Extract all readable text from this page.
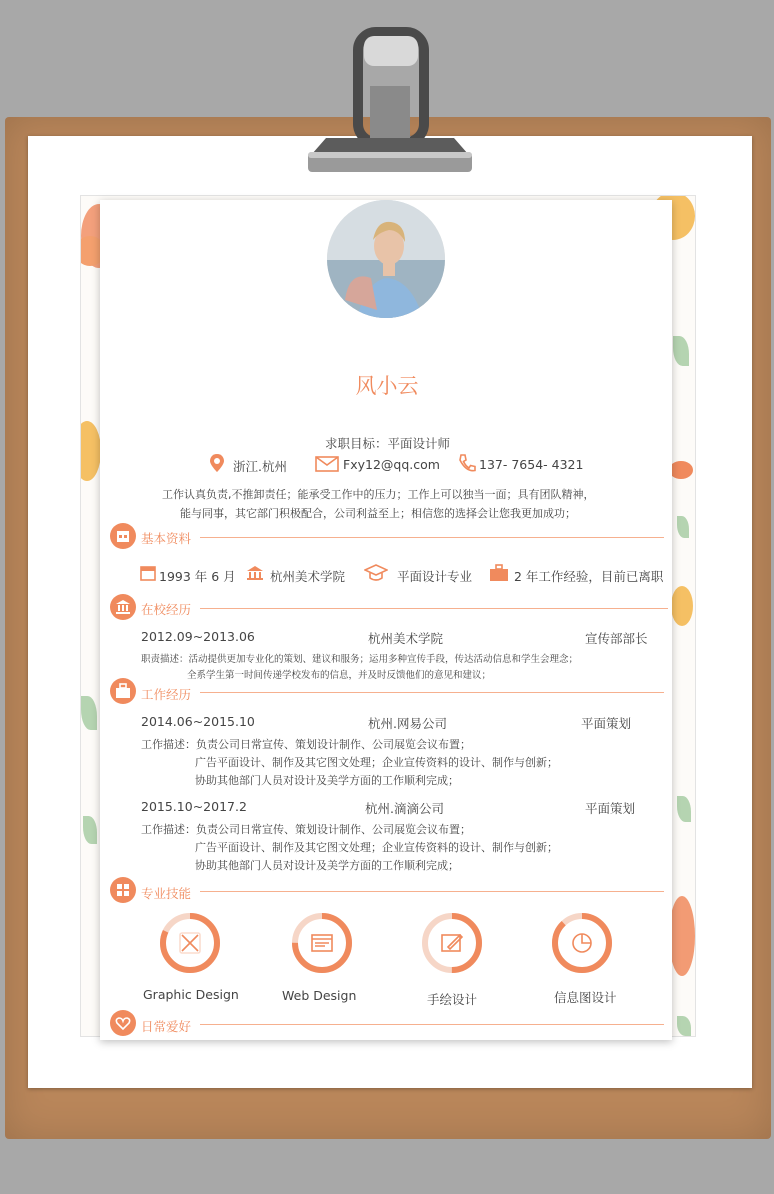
风小云
求职目标：平面设计师
浙江.杭州	Fxy12@qq.com	137- 7654- 4321
工作认真负责,不推卸责任；能承受工作中的压力；工作上可以独当一面；具有团队精神，
能与同事，其它部门积极配合，公司利益至上；相信您的选择会让您我更加成功；
基本资料
1993 年 6 月	杭州美术学院	平面设计专业	2 年工作经验，目前已离职
在校经历
2012.09~2013.06	杭州美术学院	宣传部部长
职责描述：活动提供更加专业化的策划、建议和服务；运用多种宣传手段，传达活动信息和学生会理念；
全系学生第一时间传递学校发布的信息，并及时反馈他们的意见和建议；
工作经历
2014.06~2015.10	杭州.网易公司	平面策划
工作描述：负责公司日常宣传、策划设计制作、公司展览会议布置；
广告平面设计、制作及其它图文处理；企业宣传资料的设计、制作与创新；
协助其他部门人员对设计及美学方面的工作顺利完成；
2015.10~2017.2	杭州.滴滴公司	平面策划
工作描述：负责公司日常宣传、策划设计制作、公司展览会议布置；
广告平面设计、制作及其它图文处理；企业宣传资料的设计、制作与创新；
协助其他部门人员对设计及美学方面的工作顺利完成；
专业技能
Graphic Design	Web Design	手绘设计	信息图设计
日常爱好
